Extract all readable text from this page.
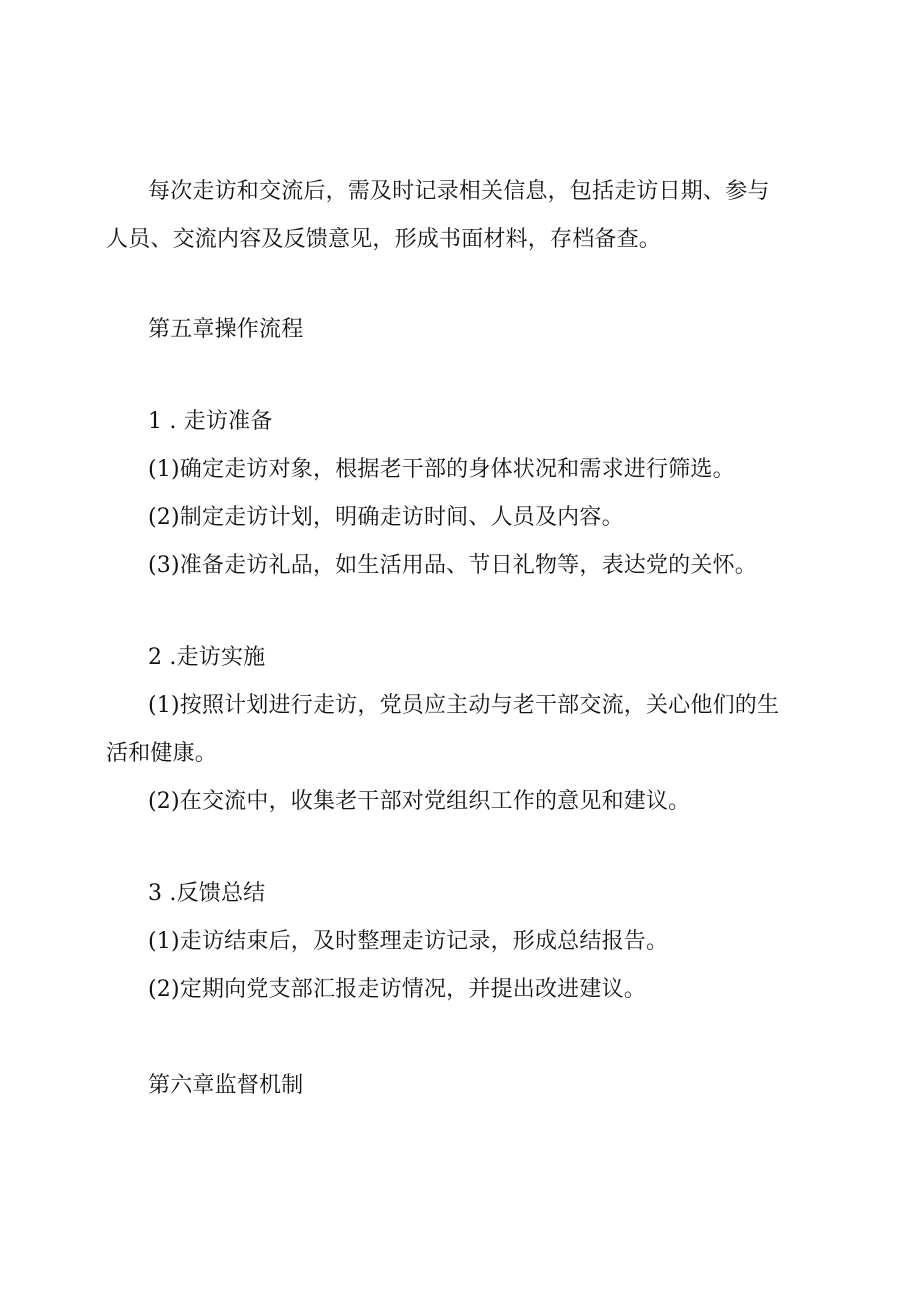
每次走访和交流后，需及时记录相关信息，包括走访日期、参与
人员、交流内容及反馈意见，形成书面材料，存档备查。
第五章操作流程
1 . 走访准备
(1)确定走访对象，根据老干部的身体状况和需求进行筛选。
(2)制定走访计划，明确走访时间、人员及内容。
(3)准备走访礼品，如生活用品、节日礼物等，表达党的关怀。
2 .走访实施
(1)按照计划进行走访，党员应主动与老干部交流，关心他们的生
活和健康。
(2)在交流中，收集老干部对党组织工作的意见和建议。
3 .反馈总结
(1)走访结束后，及时整理走访记录，形成总结报告。
(2)定期向党支部汇报走访情况，并提出改进建议。
第六章监督机制
